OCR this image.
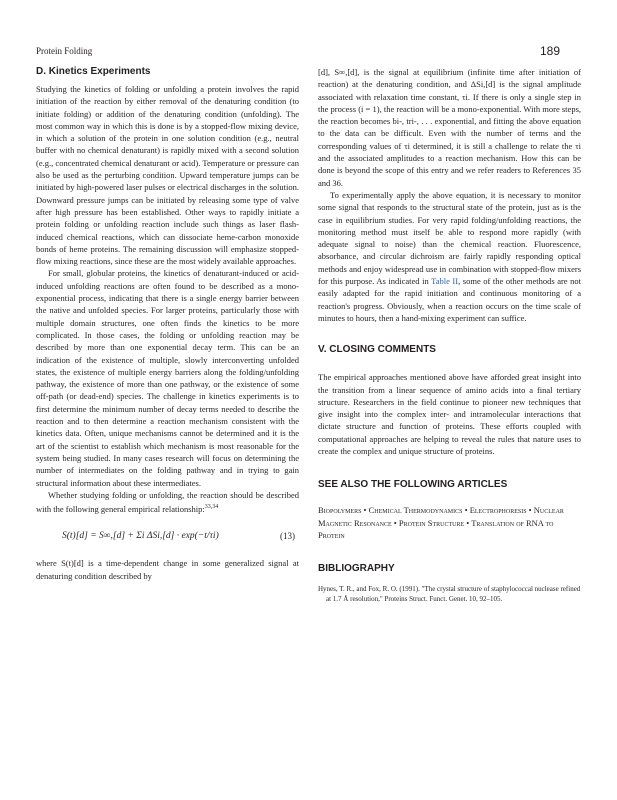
Protein Folding	189
D. Kinetics Experiments

Studying the kinetics of folding or unfolding a protein involves the rapid initiation of the reaction by either removal of the denaturing condition (to initiate folding) or addition of the denaturing condition (unfolding). The most common way in which this is done is by a stopped-flow mixing device, in which a solution of the protein in one solution condition (e.g., neutral buffer with no chemical denaturant) is rapidly mixed with a second solution (e.g., concentrated chemical denaturant or acid). Temperature or pressure can also be used as the perturbing condition. Upward temperature jumps can be initiated by high-powered laser pulses or electrical discharges in the solution. Downward pressure jumps can be initiated by releasing some type of valve after high pressure has been established. Other ways to rapidly initiate a protein folding or unfolding reaction include such things as laser flash-induced chemical reactions, which can dissociate heme-carbon monoxide bonds of heme proteins. The remaining discussion will emphasize stopped-flow mixing reactions, since these are the most widely available approaches.

For small, globular proteins, the kinetics of denaturant-induced or acid-induced unfolding reactions are often found to be described as a mono-exponential process, indicating that there is a single energy barrier between the native and unfolded species. For larger proteins, particularly those with multiple domain structures, one often finds the kinetics to be more complicated. In those cases, the folding or unfolding reaction may be described by more than one exponential decay term. This can be an indication of the existence of multiple, slowly interconverting unfolded states, the existence of multiple energy barriers along the folding/unfolding pathway, the existence of more than one pathway, or the existence of some off-path (or dead-end) species. The challenge in kinetics experiments is to first determine the minimum number of decay terms needed to describe the reaction and to then determine a reaction mechanism consistent with the kinetics data. Often, unique mechanisms cannot be determined and it is the art of the scientist to establish which mechanism is most reasonable for the system being studied. In many cases research will focus on determining the number of intermediates on the folding pathway and in trying to gain structural information about these intermediates.

Whether studying folding or unfolding, the reaction should be described with the following general empirical relationship:$^{33,34}$

S(t)[d] = S∞,[d] + Σi ΔSi,[d] · exp(−t/τi)	(13)

where S(t)[d] is a time-dependent change in some generalized signal at denaturing condition described by

[d], S∞,[d], is the signal at equilibrium (infinite time after initiation of reaction) at the denaturing condition, and ΔSi,[d] is the signal amplitude associated with relaxation time constant, τi. If there is only a single step in the process (i = 1), the reaction will be a mono-exponential. With more steps, the reaction becomes bi-, tri-, . . . exponential, and fitting the above equation to the data can be difficult. Even with the number of terms and the corresponding values of τi determined, it is still a challenge to relate the τi and the associated amplitudes to a reaction mechanism. How this can be done is beyond the scope of this entry and we refer readers to References 35 and 36.

To experimentally apply the above equation, it is necessary to monitor some signal that responds to the structural state of the protein, just as is the case in equilibrium studies. For very rapid folding/unfolding reactions, the monitoring method must itself be able to respond more rapidly (with adequate signal to noise) than the chemical reaction. Fluorescence, absorbance, and circular dichroism are fairly rapidly responding optical methods and enjoy widespread use in combination with stopped-flow mixers for this purpose. As indicated in Table II, some of the other methods are not easily adapted for the rapid initiation and continuous monitoring of a reaction's progress. Obviously, when a reaction occurs on the time scale of minutes to hours, then a hand-mixing experiment can suffice.

V. CLOSING COMMENTS

The empirical approaches mentioned above have afforded great insight into the transition from a linear sequence of amino acids into a final tertiary structure. Researchers in the field continue to pioneer new techniques that give insight into the complex inter- and intramolecular interactions that dictate structure and function of proteins. These efforts coupled with computational approaches are helping to reveal the rules that nature uses to create the complex and unique structure of proteins.

SEE ALSO THE FOLLOWING ARTICLES

Biopolymers • Chemical Thermodynamics • Electrophoresis • Nuclear Magnetic Resonance • Protein Structure • Translation of RNA to Protein

BIBLIOGRAPHY

Hynes, T. R., and Fox, R. O. (1991). "The crystal structure of staphylococcal nuclease refined at 1.7 Å resolution," Proteins Struct. Funct. Genet. 10, 92–105.
